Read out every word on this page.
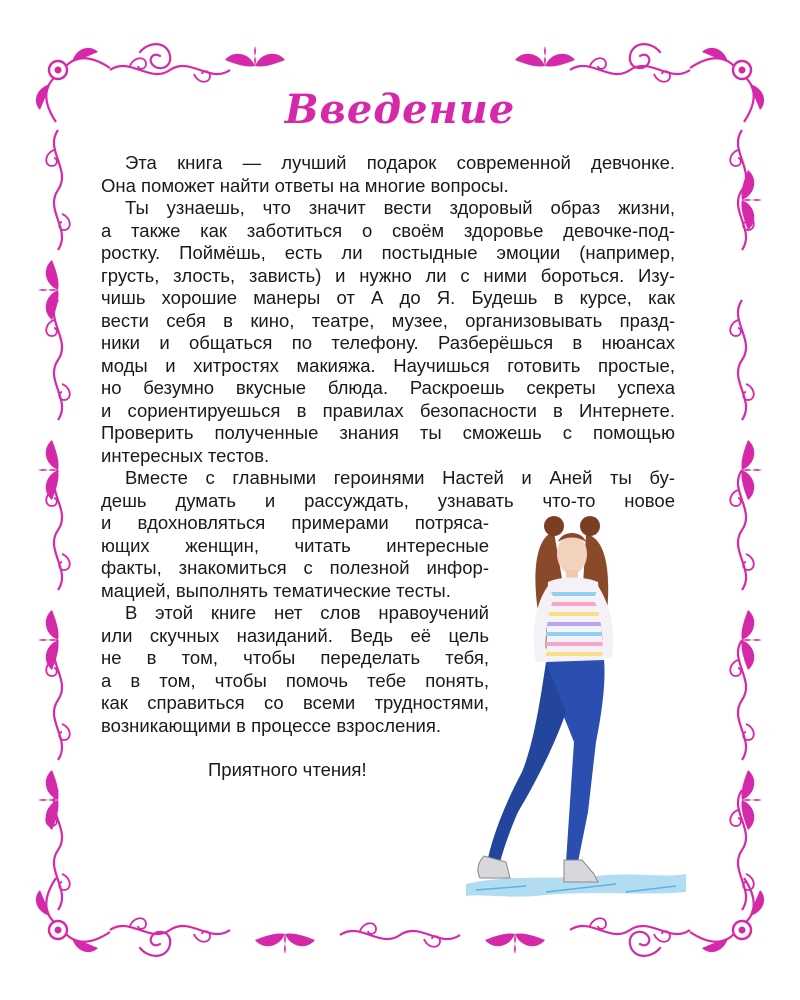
Введение
Эта книга — лучший подарок современной девчонке.
Она поможет найти ответы на многие вопросы.
Ты узнаешь, что значит вести здоровый образ жизни,
а также как заботиться о своём здоровье девочке-под-
ростку. Поймёшь, есть ли постыдные эмоции (например,
грусть, злость, зависть) и нужно ли с ними бороться. Изу-
чишь хорошие манеры от А до Я. Будешь в курсе, как
вести себя в кино, театре, музее, организовывать празд-
ники и общаться по телефону. Разберёшься в нюансах
моды и хитростях макияжа. Научишься готовить простые,
но безумно вкусные блюда. Раскроешь секреты успеха
и сориентируешься в правилах безопасности в Интернете.
Проверить полученные знания ты сможешь с помощью
интересных тестов.
Вместе с главными героинями Настей и Аней ты бу-
дешь думать и рассуждать, узнавать что-то новое
и вдохновляться примерами потряса-
ющих женщин, читать интересные
факты, знакомиться с полезной инфор-
мацией, выполнять тематические тесты.
В этой книге нет слов нравоучений
или скучных назиданий. Ведь её цель
не в том, чтобы переделать тебя,
а в том, чтобы помочь тебе понять,
как справиться со всеми трудностями,
возникающими в процессе взросления.
Приятного чтения!
